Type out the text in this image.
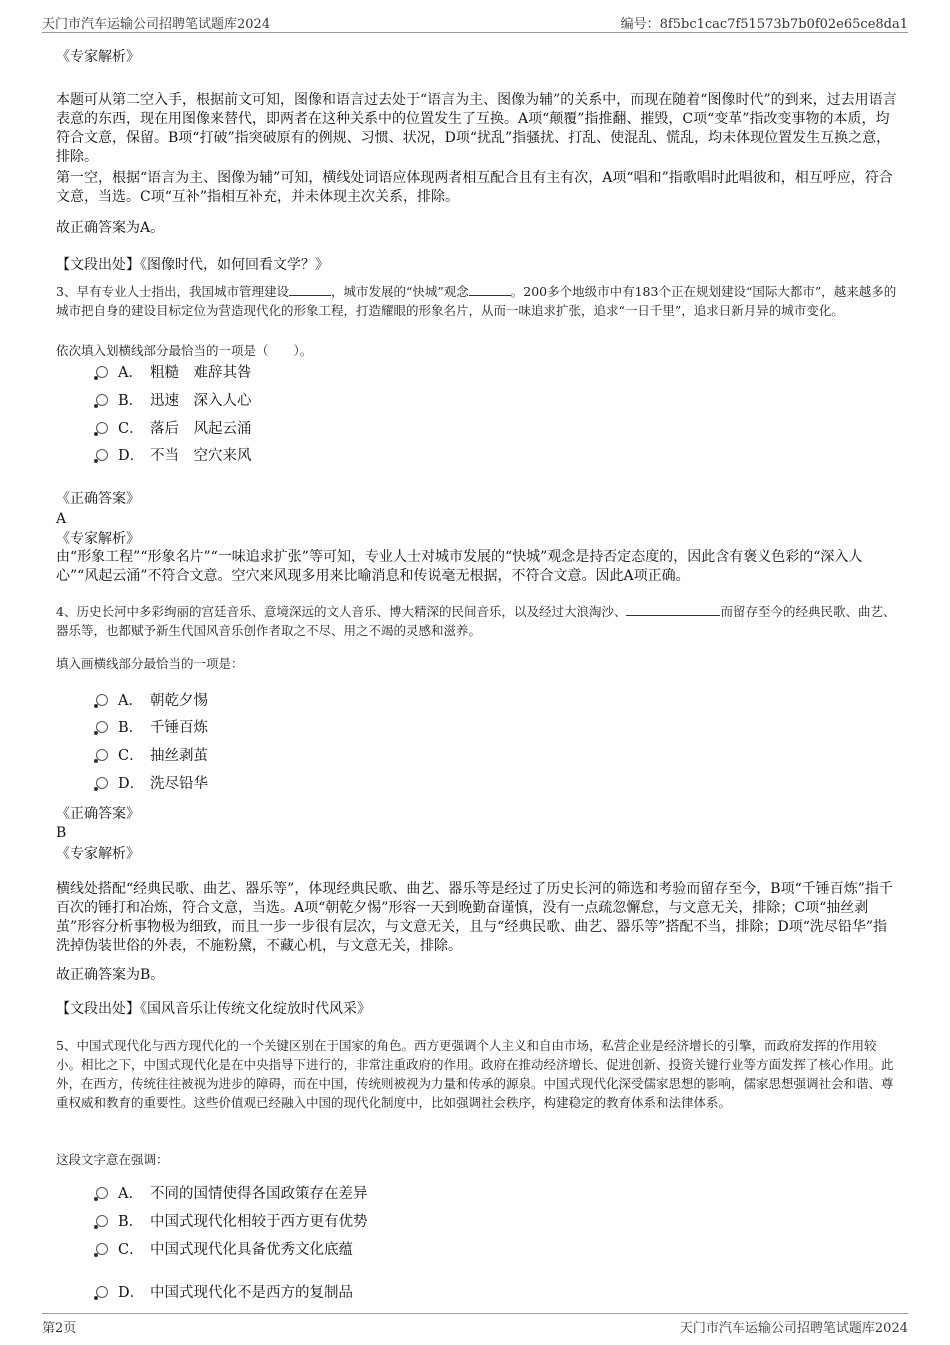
天门市汽车运输公司招聘笔试题库2024	编号：8f5bc1cac7f51573b7b0f02e65ce8da1
《专家解析》
本题可从第二空入手，根据前文可知，图像和语言过去处于“语言为主、图像为辅”的关系中，而现在随着“图像时代”的到来，过去用语言表意的东西，现在用图像来替代，即两者在这种关系中的位置发生了互换。A项“颠覆”指推翻、摧毁，C项“变革”指改变事物的本质，均符合文意，保留。B项“打破”指突破原有的例规、习惯、状况，D项“扰乱”指骚扰、打乱、使混乱、慌乱，均未体现位置发生互换之意，排除。
第一空，根据“语言为主、图像为辅”可知，横线处词语应体现两者相互配合且有主有次，A项“唱和”指歌唱时此唱彼和，相互呼应，符合文意，当选。C项“互补”指相互补充，并未体现主次关系，排除。
故正确答案为A。
【文段出处】《图像时代，如何回看文学？》
3、早有专业人士指出，我国城市管理建设	，城市发展的“快城”观念	。200多个地级市中有183个正在规划建设“国际大都市”，越来越多的城市把自身的建设目标定位为营造现代化的形象工程，打造耀眼的形象名片，从而一味追求扩张，追求“一日千里”，追求日新月异的城市变化。
依次填入划横线部分最恰当的一项是（　　）。
A． 粗糙　难辞其咎
B． 迅速　深入人心
C． 落后　风起云涌
D． 不当　空穴来风
《正确答案》
A
《专家解析》
由“形象工程”“形象名片”“一味追求扩张”等可知，专业人士对城市发展的“快城”观念是持否定态度的，因此含有褒义色彩的“深入人心”“风起云涌”不符合文意。空穴来风现多用来比喻消息和传说毫无根据，不符合文意。因此A项正确。
4、历史长河中多彩绚丽的宫廷音乐、意境深远的文人音乐、博大精深的民间音乐，以及经过大浪淘沙、	而留存至今的经典民歌、曲艺、器乐等，也都赋予新生代国风音乐创作者取之不尽、用之不竭的灵感和滋养。
填入画横线部分最恰当的一项是：
A． 朝乾夕惕
B． 千锤百炼
C． 抽丝剥茧
D． 洗尽铅华
《正确答案》
B
《专家解析》
横线处搭配“经典民歌、曲艺、器乐等”，体现经典民歌、曲艺、器乐等是经过了历史长河的筛选和考验而留存至今，B项“千锤百炼”指千百次的锤打和冶炼，符合文意，当选。A项“朝乾夕惕”形容一天到晚勤奋谨慎，没有一点疏忽懈怠，与文意无关，排除；C项“抽丝剥茧”形容分析事物极为细致，而且一步一步很有层次，与文意无关，且与“经典民歌、曲艺、器乐等”搭配不当，排除；D项“洗尽铅华”指洗掉伪装世俗的外表，不施粉黛，不藏心机，与文意无关，排除。
故正确答案为B。
【文段出处】《国风音乐让传统文化绽放时代风采》
5、中国式现代化与西方现代化的一个关键区别在于国家的角色。西方更强调个人主义和自由市场，私营企业是经济增长的引擎，而政府发挥的作用较小。相比之下，中国式现代化是在中央指导下进行的，非常注重政府的作用。政府在推动经济增长、促进创新、投资关键行业等方面发挥了核心作用。此外，在西方，传统往往被视为进步的障碍，而在中国，传统则被视为力量和传承的源泉。中国式现代化深受儒家思想的影响，儒家思想强调社会和谐、尊重权威和教育的重要性。这些价值观已经融入中国的现代化制度中，比如强调社会秩序，构建稳定的教育体系和法律体系。
这段文字意在强调：
A． 不同的国情使得各国政策存在差异
B． 中国式现代化相较于西方更有优势
C． 中国式现代化具备优秀文化底蕴
D． 中国式现代化不是西方的复制品
第2页	天门市汽车运输公司招聘笔试题库2024
